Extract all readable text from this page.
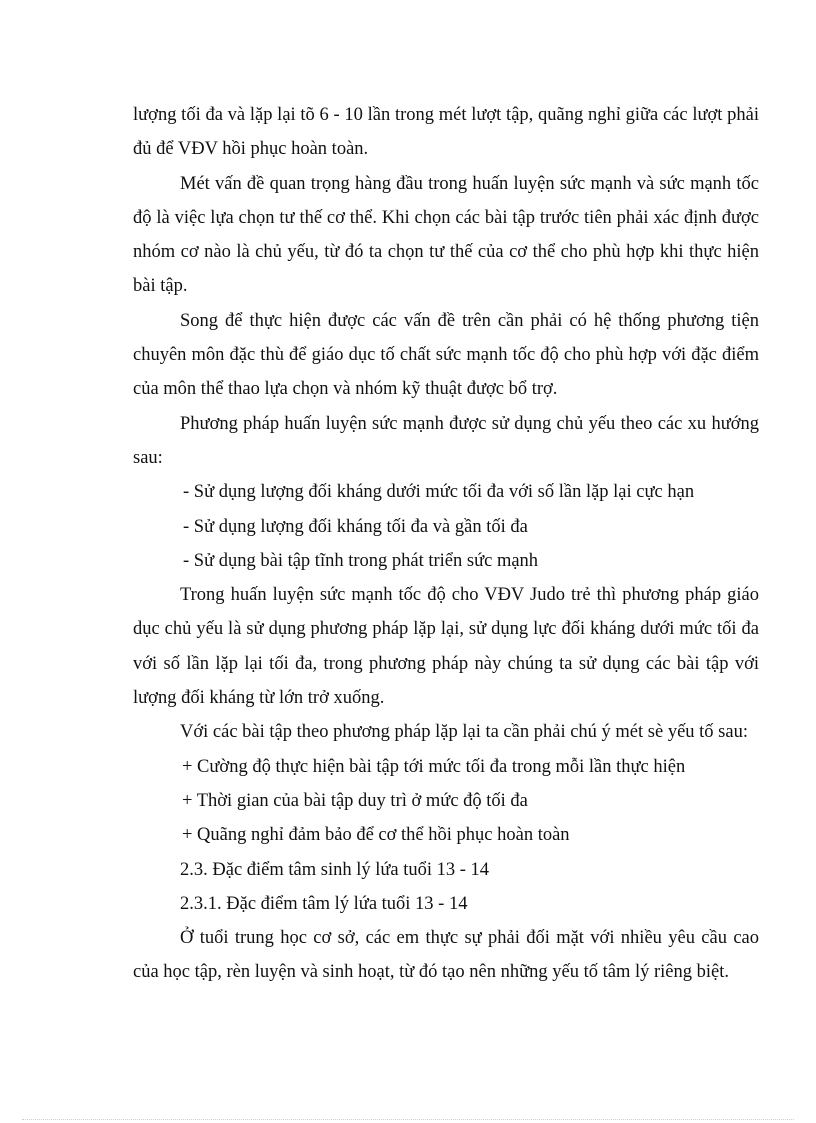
lượng tối đa và lặp lại tõ 6 - 10 lần trong mét lượt tập, quãng nghỉ giữa các lượt phải đủ để VĐV hồi phục hoàn toàn.

Mét vấn đề quan trọng hàng đầu trong huấn luyện sức mạnh và sức mạnh tốc độ là việc lựa chọn tư thế cơ thể. Khi chọn các bài tập trước tiên phải xác định được nhóm cơ nào là chủ yếu, từ đó ta chọn tư thế của cơ thể cho phù hợp khi thực hiện bài tập.

Song để thực hiện được các vấn đề trên cần phải có hệ thống phương tiện chuyên môn đặc thù để giáo dục tố chất sức mạnh tốc độ cho phù hợp với đặc điểm của môn thể thao lựa chọn và nhóm kỹ thuật được bổ trợ.

Phương pháp huấn luyện sức mạnh được sử dụng chủ yếu theo các xu hướng sau:

- Sử dụng lượng đối kháng dưới mức tối đa với số lần lặp lại cực hạn

- Sử dụng lượng đối kháng tối đa và gần tối đa

- Sử dụng bài tập tĩnh trong phát triển sức mạnh

Trong huấn luyện sức mạnh tốc độ cho VĐV Judo trẻ thì phương pháp giáo dục chủ yếu là sử dụng phương pháp lặp lại, sử dụng lực đối kháng dưới mức tối đa với số lần lặp lại tối đa, trong phương pháp này chúng ta sử dụng các bài tập với lượng đối kháng từ lớn trở xuống.

Với các bài tập theo phương pháp lặp lại ta cần phải chú ý mét sè yếu tố sau:

+ Cường độ thực hiện bài tập tới mức tối đa trong mỗi lần thực hiện

+ Thời gian của bài tập duy trì ở mức độ tối đa

+ Quãng nghỉ đảm bảo để cơ thể hồi phục hoàn toàn

2.3. Đặc điểm tâm sinh lý lứa tuổi 13 - 14

2.3.1. Đặc điểm tâm lý lứa tuổi 13 - 14

Ở tuổi trung học cơ sở, các em thực sự phải đối mặt với nhiều yêu cầu cao của học tập, rèn luyện và sinh hoạt, từ đó tạo nên những yếu tố tâm lý riêng biệt.
